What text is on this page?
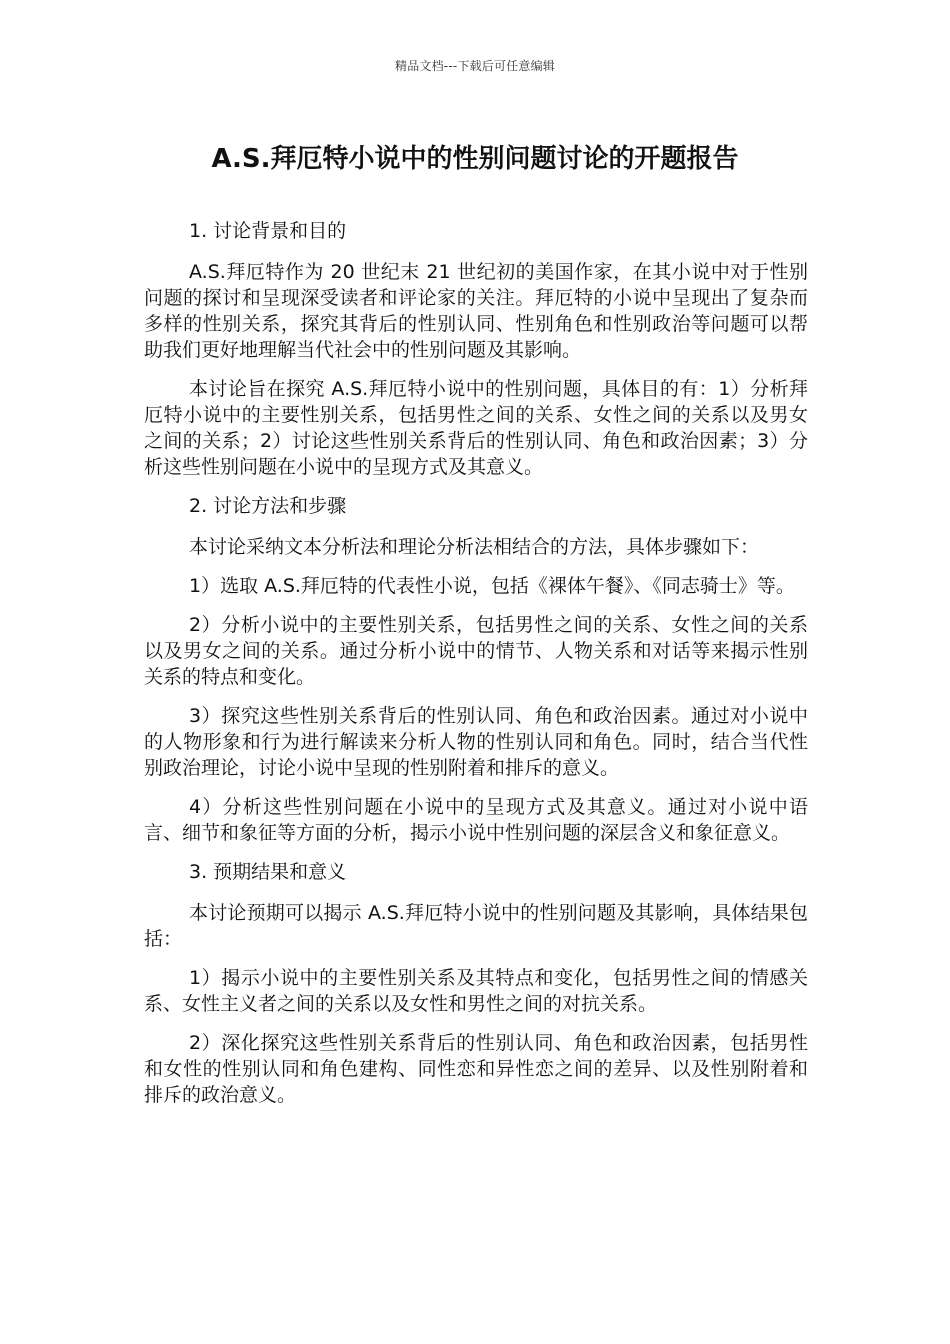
精品文档---下载后可任意编辑
A.S.拜厄特小说中的性别问题讨论的开题报告

1. 讨论背景和目的

A.S.拜厄特作为 20 世纪末 21 世纪初的美国作家，在其小说中对于性别问题的探讨和呈现深受读者和评论家的关注。拜厄特的小说中呈现出了复杂而多样的性别关系，探究其背后的性别认同、性别角色和性别政治等问题可以帮助我们更好地理解当代社会中的性别问题及其影响。

本讨论旨在探究 A.S.拜厄特小说中的性别问题，具体目的有：1）分析拜厄特小说中的主要性别关系，包括男性之间的关系、女性之间的关系以及男女之间的关系；2）讨论这些性别关系背后的性别认同、角色和政治因素；3）分析这些性别问题在小说中的呈现方式及其意义。

2. 讨论方法和步骤

本讨论采纳文本分析法和理论分析法相结合的方法，具体步骤如下：

1）选取 A.S.拜厄特的代表性小说，包括《裸体午餐》、《同志骑士》等。

2）分析小说中的主要性别关系，包括男性之间的关系、女性之间的关系以及男女之间的关系。通过分析小说中的情节、人物关系和对话等来揭示性别关系的特点和变化。

3）探究这些性别关系背后的性别认同、角色和政治因素。通过对小说中的人物形象和行为进行解读来分析人物的性别认同和角色。同时，结合当代性别政治理论，讨论小说中呈现的性别附着和排斥的意义。

4）分析这些性别问题在小说中的呈现方式及其意义。通过对小说中语言、细节和象征等方面的分析，揭示小说中性别问题的深层含义和象征意义。

3. 预期结果和意义

本讨论预期可以揭示 A.S.拜厄特小说中的性别问题及其影响，具体结果包括：

1）揭示小说中的主要性别关系及其特点和变化，包括男性之间的情感关系、女性主义者之间的关系以及女性和男性之间的对抗关系。

2）深化探究这些性别关系背后的性别认同、角色和政治因素，包括男性和女性的性别认同和角色建构、同性恋和异性恋之间的差异、以及性别附着和排斥的政治意义。
